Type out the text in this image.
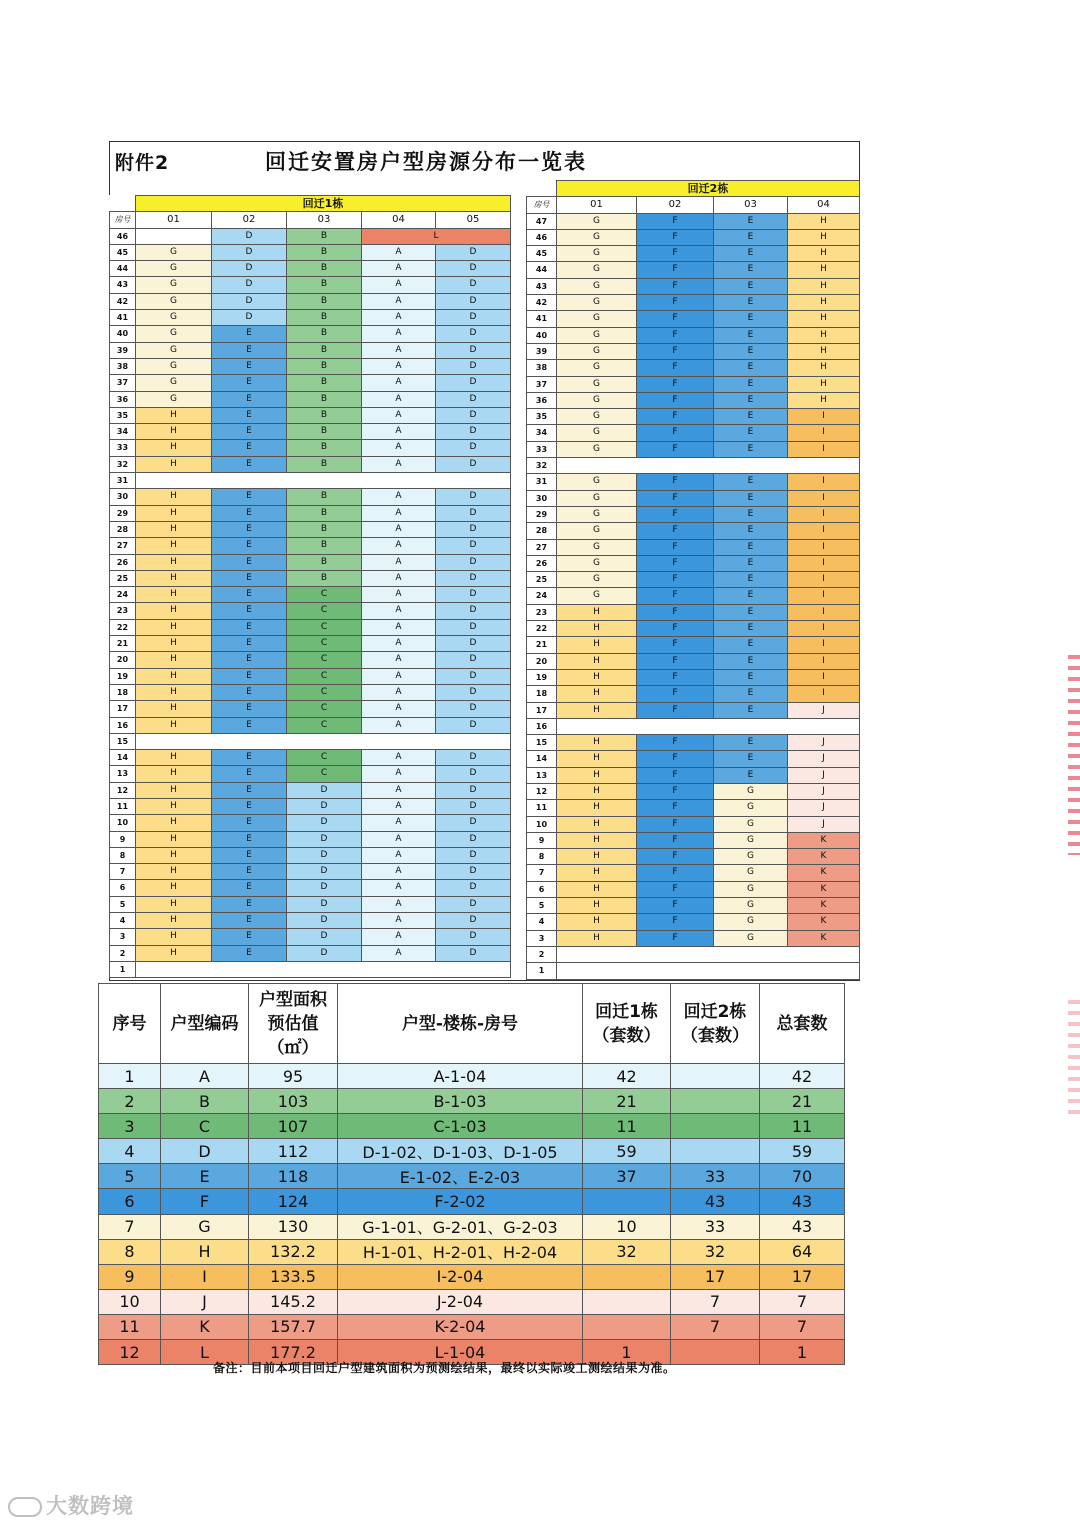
附件2	回迁安置房户型房源分布一览表
	回迁1栋				
房号	01	02	03	04	05
46		D	B	L	
45	G	D	B	A	D
44	G	D	B	A	D
43	G	D	B	A	D
42	G	D	B	A	D
41	G	D	B	A	D
40	G	E	B	A	D
39	G	E	B	A	D
38	G	E	B	A	D
37	G	E	B	A	D
36	G	E	B	A	D
35	H	E	B	A	D
34	H	E	B	A	D
33	H	E	B	A	D
32	H	E	B	A	D
31					
30	H	E	B	A	D
29	H	E	B	A	D
28	H	E	B	A	D
27	H	E	B	A	D
26	H	E	B	A	D
25	H	E	B	A	D
24	H	E	C	A	D
23	H	E	C	A	D
22	H	E	C	A	D
21	H	E	C	A	D
20	H	E	C	A	D
19	H	E	C	A	D
18	H	E	C	A	D
17	H	E	C	A	D
16	H	E	C	A	D
15					
14	H	E	C	A	D
13	H	E	C	A	D
12	H	E	D	A	D
11	H	E	D	A	D
10	H	E	D	A	D
9	H	E	D	A	D
8	H	E	D	A	D
7	H	E	D	A	D
6	H	E	D	A	D
5	H	E	D	A	D
4	H	E	D	A	D
3	H	E	D	A	D
2	H	E	D	A	D
1					
	回迁2栋			
房号	01	02	03	04
47	G	F	E	H
46	G	F	E	H
45	G	F	E	H
44	G	F	E	H
43	G	F	E	H
42	G	F	E	H
41	G	F	E	H
40	G	F	E	H
39	G	F	E	H
38	G	F	E	H
37	G	F	E	H
36	G	F	E	H
35	G	F	E	I
34	G	F	E	I
33	G	F	E	I
32				
31	G	F	E	I
30	G	F	E	I
29	G	F	E	I
28	G	F	E	I
27	G	F	E	I
26	G	F	E	I
25	G	F	E	I
24	G	F	E	I
23	H	F	E	I
22	H	F	E	I
21	H	F	E	I
20	H	F	E	I
19	H	F	E	I
18	H	F	E	I
17	H	F	E	J
16				
15	H	F	E	J
14	H	F	E	J
13	H	F	E	J
12	H	F	G	J
11	H	F	G	J
10	H	F	G	J
9	H	F	G	K
8	H	F	G	K
7	H	F	G	K
6	H	F	G	K
5	H	F	G	K
4	H	F	G	K
3	H	F	G	K
2				
1				
序号	户型编码	户型面积
预估值
（㎡）	户型-楼栋-房号	回迁1栋
（套数）	回迁2栋
（套数）	总套数
1	A	95	A-1-04	42		42
2	B	103	B-1-03	21		21
3	C	107	C-1-03	11		11
4	D	112	D-1-02、D-1-03、D-1-05	59		59
5	E	118	E-1-02、E-2-03	37	33	70
6	F	124	F-2-02		43	43
7	G	130	G-1-01、G-2-01、G-2-03	10	33	43
8	H	132.2	H-1-01、H-2-01、H-2-04	32	32	64
9	I	133.5	I-2-04		17	17
10	J	145.2	J-2-04		7	7
11	K	157.7	K-2-04		7	7
12	L	177.2	L-1-04	1		1
备注：目前本项目回迁户型建筑面积为预测绘结果，最终以实际竣工测绘结果为准。
大数跨境
